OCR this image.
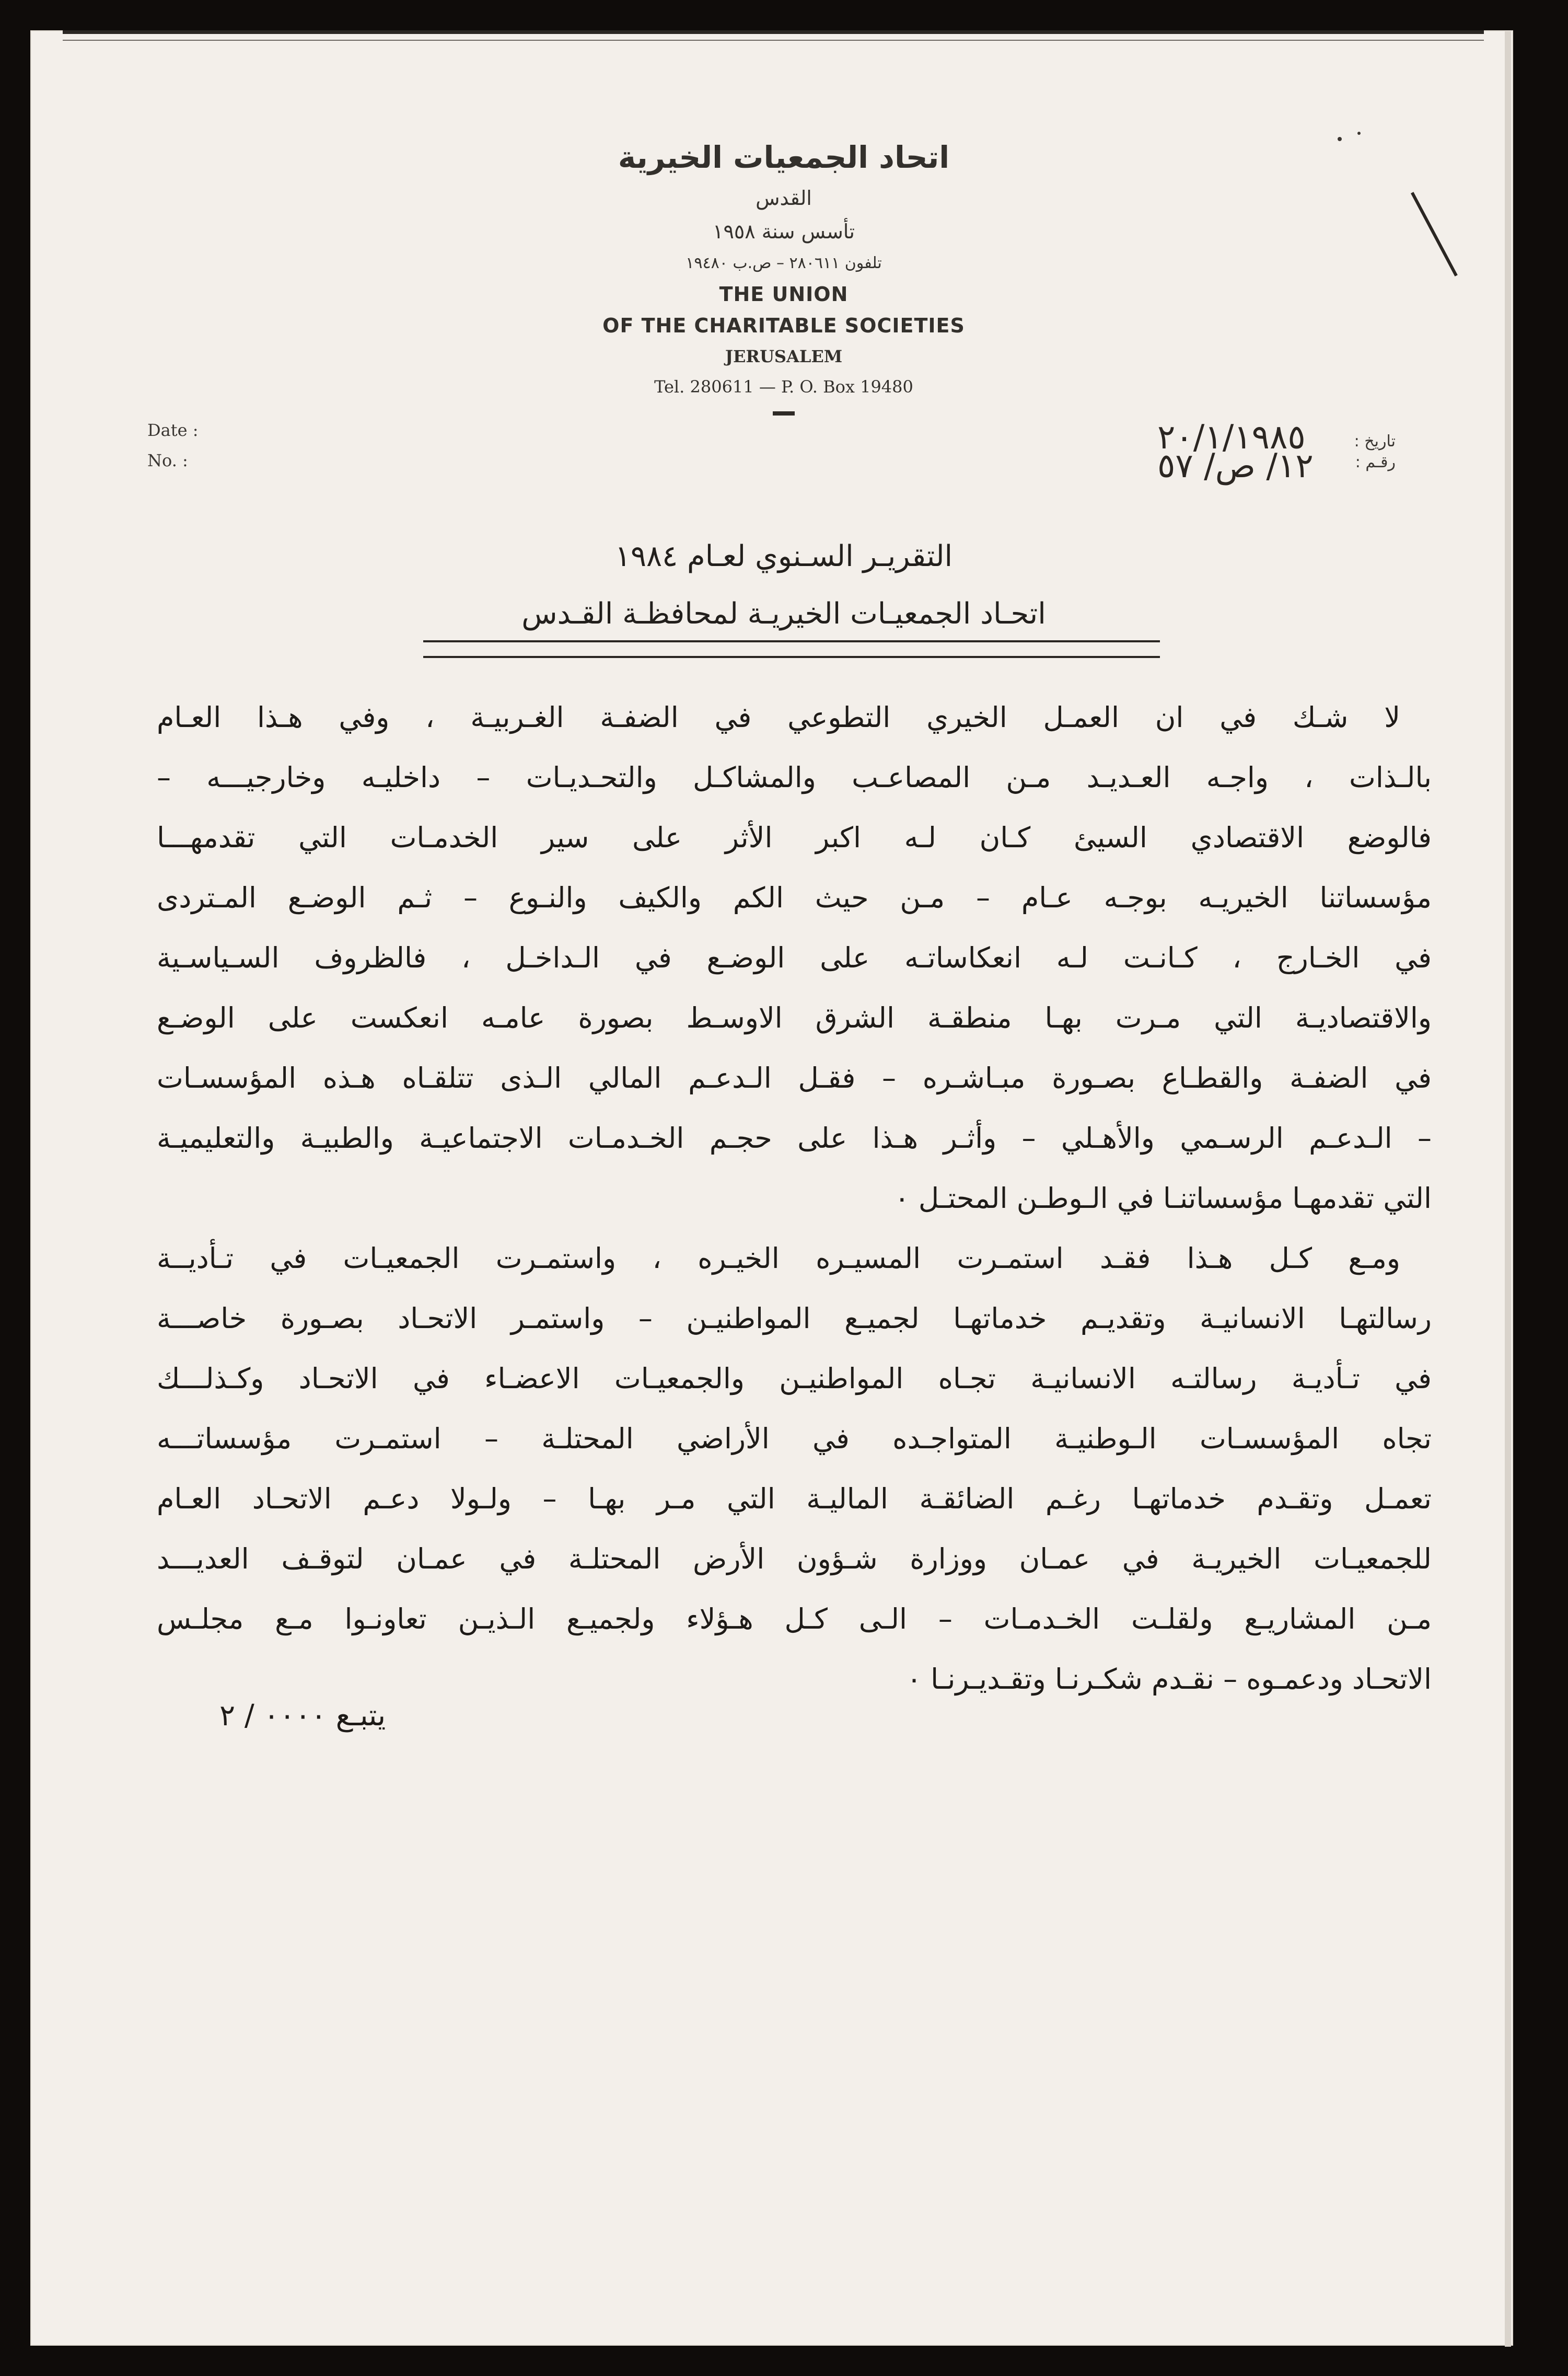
اتحاد الجمعيات الخيرية

القدس

تأسس سنة ١٩٥٨

تلفون ٢٨٠٦١١ – ص.ب ١٩٤٨٠

THE UNION

OF THE CHARITABLE SOCIETIES

JERUSALEM

Tel. 280611 — P. O. Box 19480

Date :
No. :
تاريخ :
رقـم :
٢٠/١/١٩٨٥
١٢/ ص/ ٥٧

التقريـر السـنوي لعـام ١٩٨٤

اتحـاد الجمعيـات الخيريـة لمحافظـة القـدس

لا شـك في ان العمـل الخيري التطوعي في الضفـة الغـربيـة ، وفي هـذا العـام

بالـذات ، واجـه العـديـد مـن المصاعـب والمشاكـل والتحـديـات – داخليـه وخارجيـــه –

فالوضع الاقتصادي السيئ كـان لـه اكبر الأثر على سير الخدمـات التي تقدمهـــا

مؤسساتنا الخيريـه بوجـه عـام – مـن حيث الكم والكيف والنـوع – ثـم الوضـع المـتردى

في الخـارج ، كـانـت لـه انعكاساتـه على الوضـع في الـداخـل ، فالظروف السـياسـية

والاقتصاديـة التي مـرت بهـا منطقـة الشرق الاوسـط بصورة عامـه انعكست على الوضـع

في الضفـة والقطـاع بصـورة مبـاشـره – فقـل الـدعـم المالي الـذى تتلقـاه هـذه المؤسسـات

– الـدعـم الرسـمي والأهـلي – وأثـر هـذا على حجـم الخـدمـات الاجتماعيـة والطبيـة والتعليميـة

التي تقدمهـا مؤسساتنـا في الـوطـن المحتـل ٠

ومـع كـل هـذا فقـد استمـرت المسيـره الخيـره ، واستمـرت الجمعيـات في تـأديــة

رسالتهـا الانسانيـة وتقديـم خدماتهـا لجميـع المواطنيـن – واستمـر الاتحـاد بصـورة خاصـــة

في تـأديـة رسالتـه الانسانيـة تجـاه المواطنيـن والجمعيـات الاعضـاء في الاتحـاد وكـذلـــك

تجاه المؤسسـات الـوطنيـة المتواجـده في الأراضي المحتلـة – استمـرت مؤسساتـــه

تعمـل وتقـدم خدماتهـا رغـم الضائقـة الماليـة التي مـر بهـا – ولـولا دعـم الاتحـاد العـام

للجمعيـات الخيريـة في عمـان ووزارة شـؤون الأرض المحتلـة في عمـان لتوقـف العديـــد

مـن المشاريـع ولقلـت الخـدمـات – الـى كـل هـؤلاء ولجميـع الـذيـن تعاونـوا مـع مجلـس

الاتحـاد ودعمـوه – نقـدم شكـرنـا وتقـديـرنـا ٠

يتبـع ٠٠٠٠ / ٢
